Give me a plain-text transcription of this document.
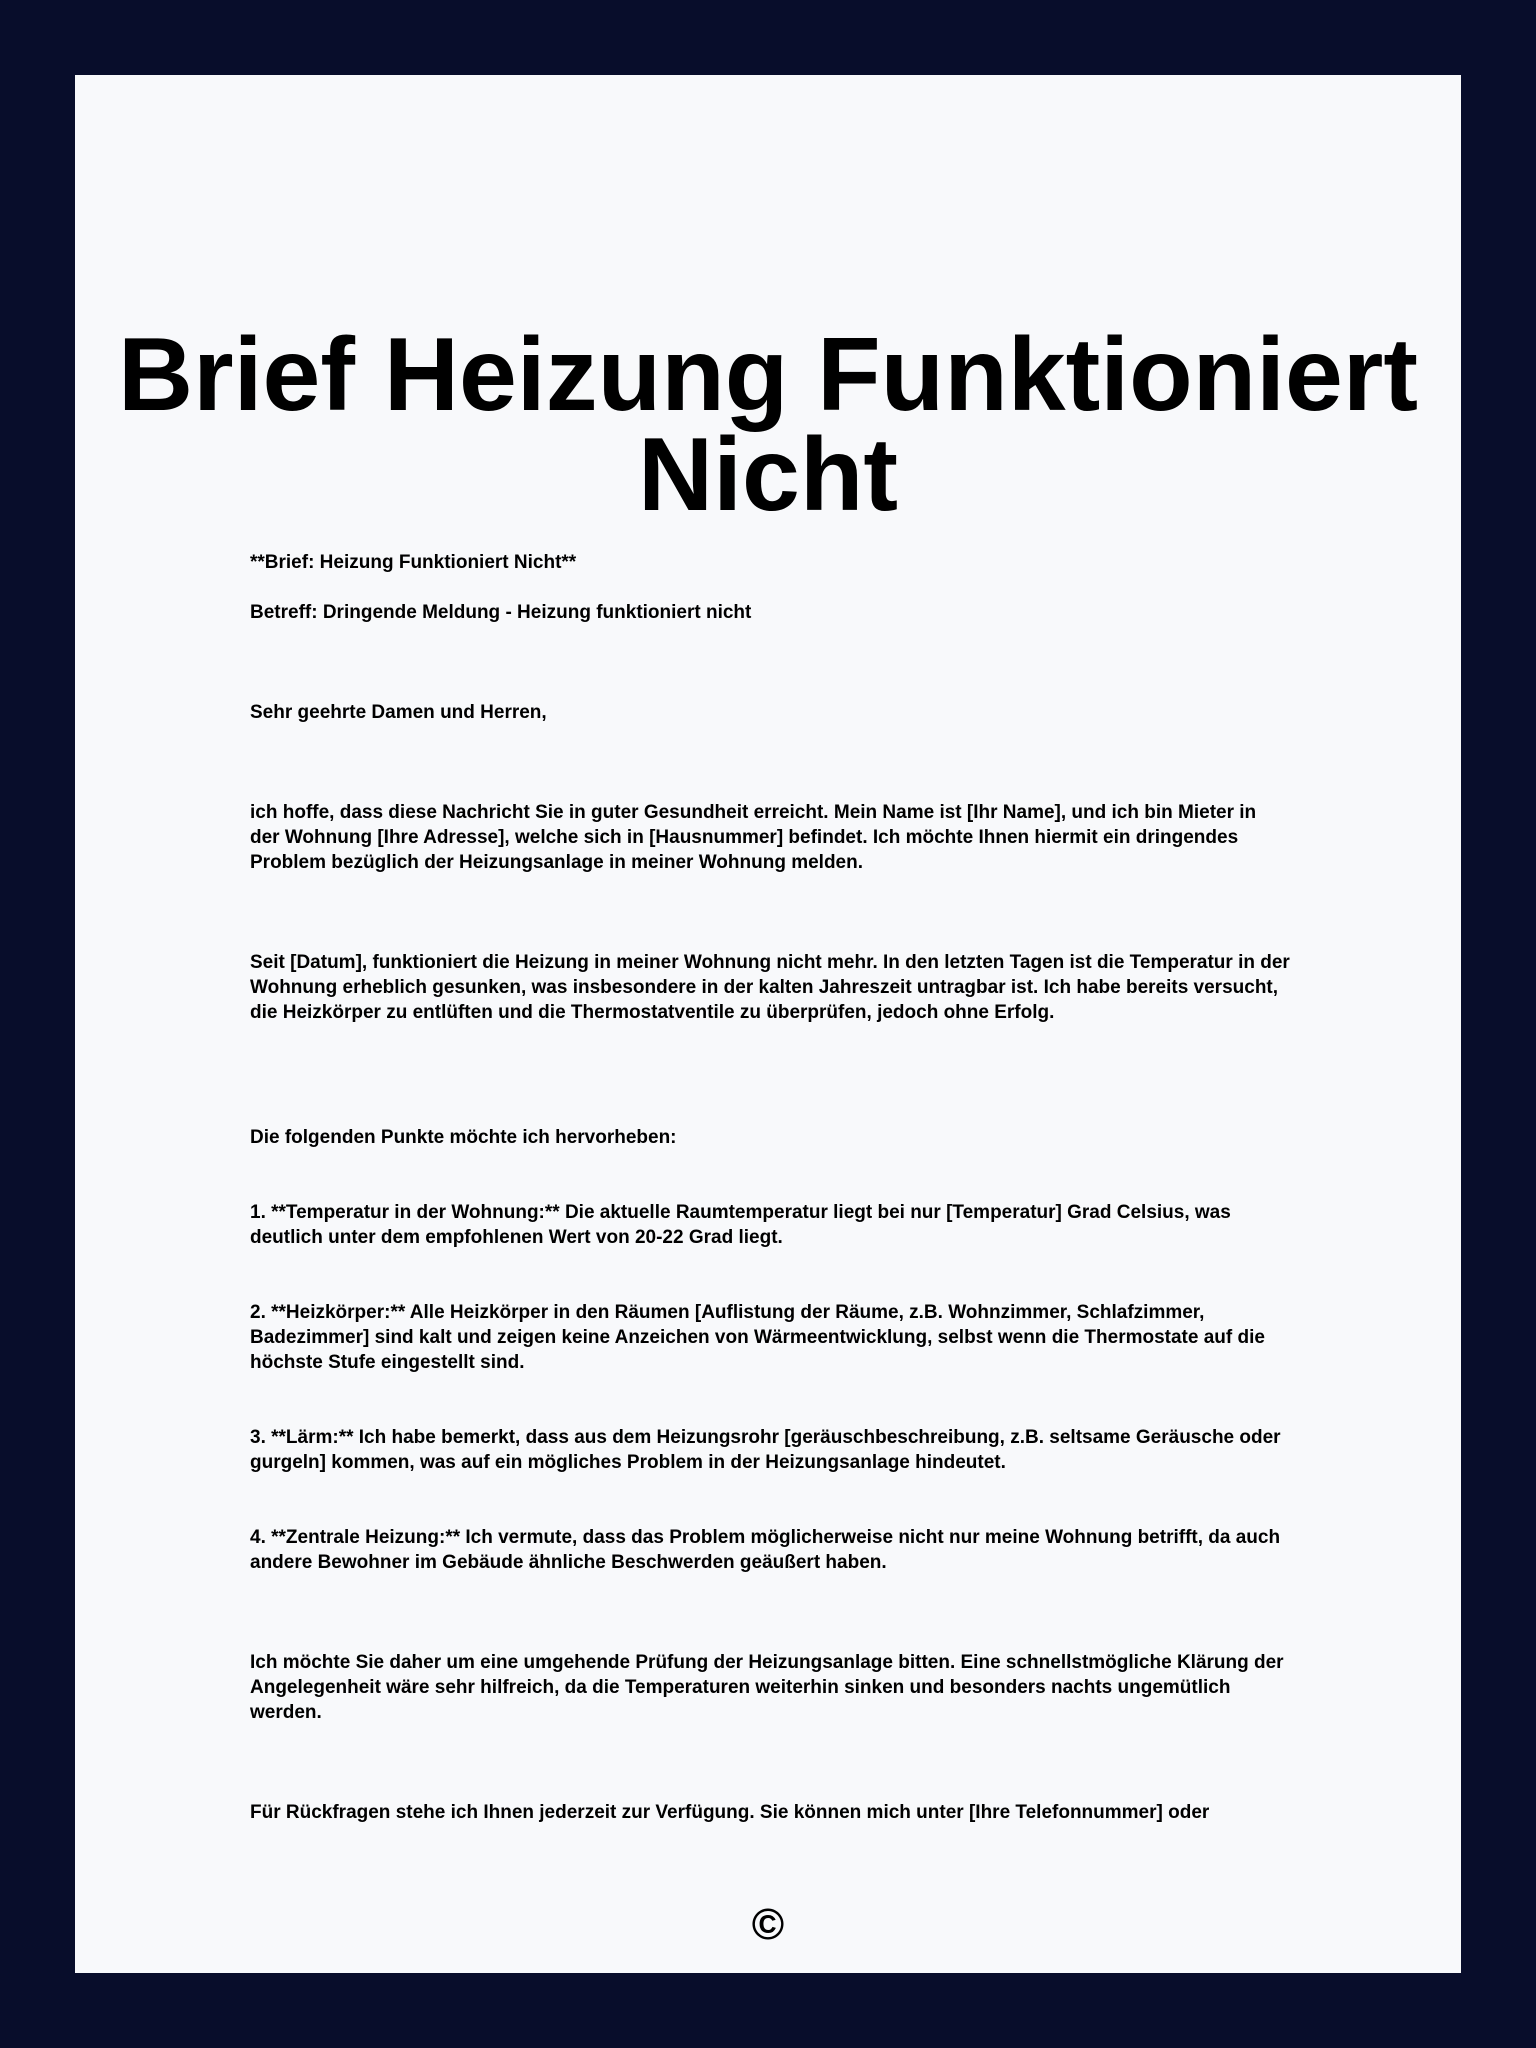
Brief Heizung Funktioniert Nicht

**Brief: Heizung Funktioniert Nicht**

Betreff: Dringende Meldung - Heizung funktioniert nicht

Sehr geehrte Damen und Herren,

ich hoffe, dass diese Nachricht Sie in guter Gesundheit erreicht. Mein Name ist [Ihr Name], und ich bin Mieter in der Wohnung [Ihre Adresse], welche sich in [Hausnummer] befindet. Ich möchte Ihnen hiermit ein dringendes Problem bezüglich der Heizungsanlage in meiner Wohnung melden.

Seit [Datum], funktioniert die Heizung in meiner Wohnung nicht mehr. In den letzten Tagen ist die Temperatur in der Wohnung erheblich gesunken, was insbesondere in der kalten Jahreszeit untragbar ist. Ich habe bereits versucht, die Heizkörper zu entlüften und die Thermostatventile zu überprüfen, jedoch ohne Erfolg.

Die folgenden Punkte möchte ich hervorheben:

1. **Temperatur in der Wohnung:** Die aktuelle Raumtemperatur liegt bei nur [Temperatur] Grad Celsius, was deutlich unter dem empfohlenen Wert von 20-22 Grad liegt.

2. **Heizkörper:** Alle Heizkörper in den Räumen [Auflistung der Räume, z.B. Wohnzimmer, Schlafzimmer, Badezimmer] sind kalt und zeigen keine Anzeichen von Wärmeentwicklung, selbst wenn die Thermostate auf die höchste Stufe eingestellt sind.

3. **Lärm:** Ich habe bemerkt, dass aus dem Heizungsrohr [geräuschbeschreibung, z.B. seltsame Geräusche oder gurgeln] kommen, was auf ein mögliches Problem in der Heizungsanlage hindeutet.

4. **Zentrale Heizung:** Ich vermute, dass das Problem möglicherweise nicht nur meine Wohnung betrifft, da auch andere Bewohner im Gebäude ähnliche Beschwerden geäußert haben.

Ich möchte Sie daher um eine umgehende Prüfung der Heizungsanlage bitten. Eine schnellstmögliche Klärung der Angelegenheit wäre sehr hilfreich, da die Temperaturen weiterhin sinken und besonders nachts ungemütlich werden.

Für Rückfragen stehe ich Ihnen jederzeit zur Verfügung. Sie können mich unter [Ihre Telefonnummer] oder

©
